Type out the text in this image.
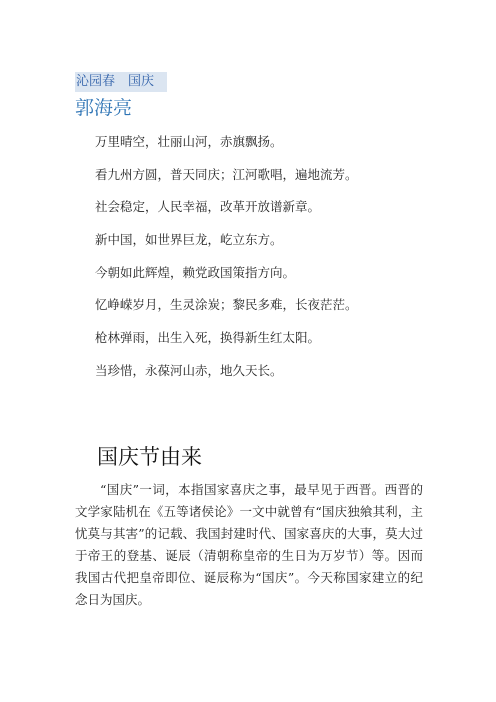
沁园春 国庆
郭海亮
万里晴空，壮丽山河，赤旗飘扬。
看九州方圆，普天同庆；江河歌唱，遍地流芳。
社会稳定，人民幸福，改革开放谱新章。
新中国，如世界巨龙，屹立东方。
今朝如此辉煌，赖党政国策指方向。
忆峥嵘岁月，生灵涂炭；黎民多难，长夜茫茫。
枪林弹雨，出生入死，换得新生红太阳。
当珍惜，永葆河山赤，地久天长。
国庆节由来

“国庆”一词，本指国家喜庆之事，最早见于西晋。西晋的文学家陆机在《五等诸侯论》一文中就曾有“国庆独飨其利，主忧莫与其害”的记载、我国封建时代、国家喜庆的大事，莫大过于帝王的登基、诞辰（清朝称皇帝的生日为万岁节）等。因而我国古代把皇帝即位、诞辰称为“国庆”。今天称国家建立的纪念日为国庆。
